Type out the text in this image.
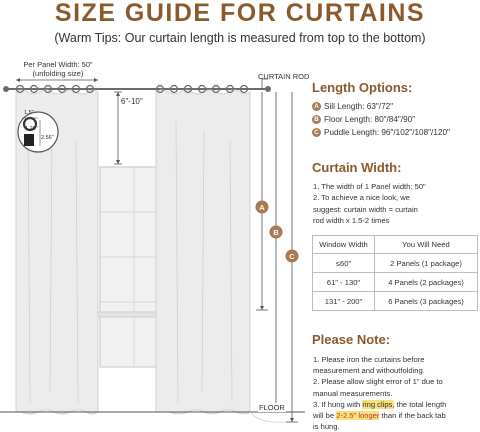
SIZE GUIDE FOR CURTAINS
(Warm Tips: Our curtain length is measured from top to the bottom)
Per Panel Width: 50"
(unfolding size)	CURTAIN ROD
6"-10"
1.5"
1.26"
2.56"
FLOOR
A
B
C
Length Options:
A Sill Length: 63"/72"
B Floor Length: 80"/84"/90"
C Puddle Length: 96"/102"/108"/120"
Curtain Width:
1. The width of 1 Panel width: 50"
2. To achieve a nice look, we
suggest: curtain width = curtain
rod width x 1.5-2 times
Window Width	You Will Need
≤60"	2 Panels (1 package)
61" - 130"	4 Panels (2 packages)
131" - 200"	6 Panels (3 packages)
Please Note:
1. Please iron the curtains before
measurement and withoutfolding.
2. Please allow slight error of 1" due to
manual measurements.
3. If hung with ring clips, the total length
will be 2-2.5" longer than if the back tab
is hung.
